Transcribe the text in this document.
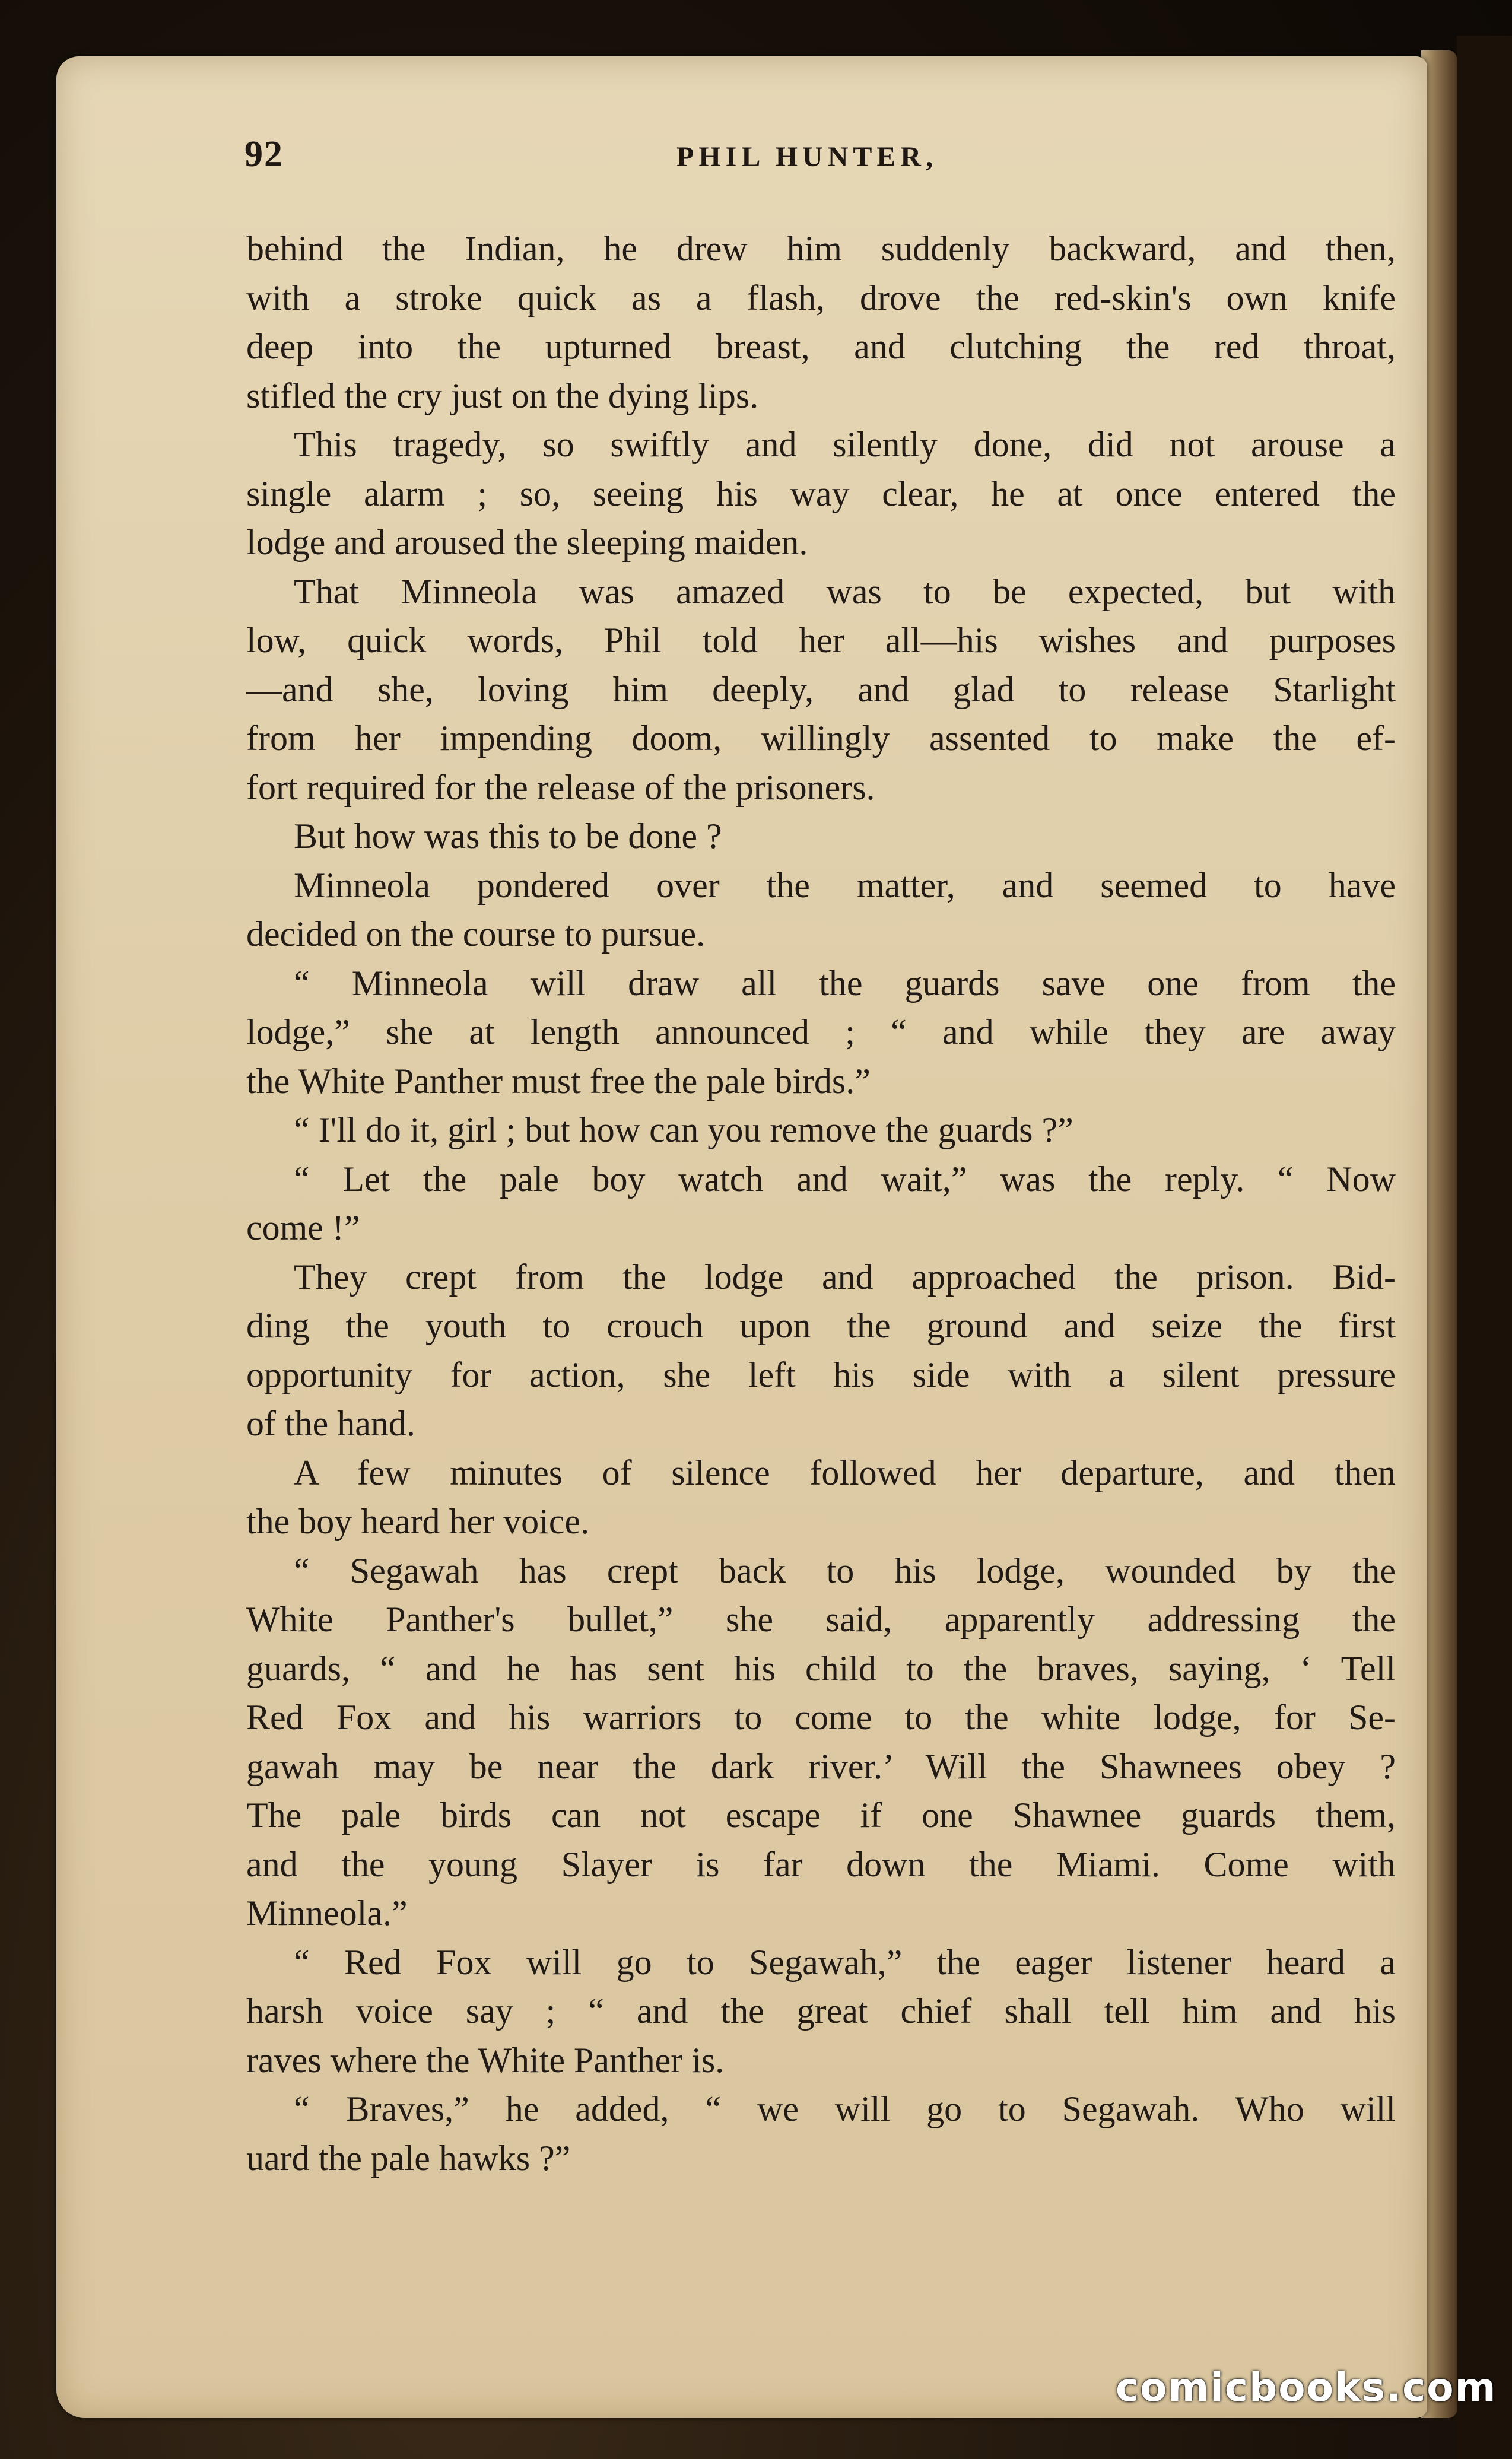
92	PHIL HUNTER,
behind the Indian, he drew him suddenly backward, and then,
with a stroke quick as a flash, drove the red-skin's own knife
deep into the upturned breast, and clutching the red throat,
stifled the cry just on the dying lips.
This tragedy, so swiftly and silently done, did not arouse a
single alarm ; so, seeing his way clear, he at once entered the
lodge and aroused the sleeping maiden.
That Minneola was amazed was to be expected, but with
low, quick words, Phil told her all—his wishes and purposes
—and she, loving him deeply, and glad to release Starlight
from her impending doom, willingly assented to make the ef-
fort required for the release of the prisoners.
But how was this to be done ?
Minneola pondered over the matter, and seemed to have
decided on the course to pursue.
“ Minneola will draw all the guards save one from the
lodge,” she at length announced ; “ and while they are away
the White Panther must free the pale birds.”
“ I'll do it, girl ; but how can you remove the guards ?”
“ Let the pale boy watch and wait,” was the reply. “ Now
come !”
They crept from the lodge and approached the prison. Bid-
ding the youth to crouch upon the ground and seize the first
opportunity for action, she left his side with a silent pressure
of the hand.
A few minutes of silence followed her departure, and then
the boy heard her voice.
“ Segawah has crept back to his lodge, wounded by the
White Panther's bullet,” she said, apparently addressing the
guards, “ and he has sent his child to the braves, saying, ‘ Tell
Red Fox and his warriors to come to the white lodge, for Se-
gawah may be near the dark river.’ Will the Shawnees obey ?
The pale birds can not escape if one Shawnee guards them,
and the young Slayer is far down the Miami. Come with
Minneola.”
“ Red Fox will go to Segawah,” the eager listener heard a
harsh voice say ; “ and the great chief shall tell him and his
raves where the White Panther is.
“ Braves,” he added, “ we will go to Segawah. Who will
uard the pale hawks ?”
comicbooks.com
